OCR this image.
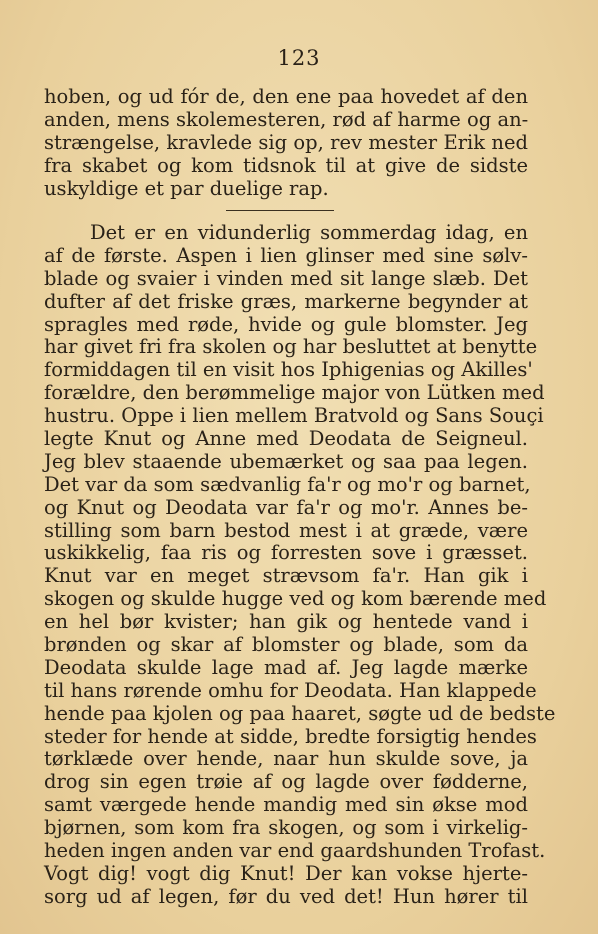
123
hoben, og ud fór de, den ene paa hovedet af den
anden, mens skolemesteren, rød af harme og an-
strængelse, kravlede sig op, rev mester Erik ned
fra skabet og kom tidsnok til at give de sidste
uskyldige et par duelige rap.
Det er en vidunderlig sommerdag idag, en
af de første. Aspen i lien glinser med sine sølv-
blade og svaier i vinden med sit lange slæb. Det
dufter af det friske græs, markerne begynder at
spragles med røde, hvide og gule blomster. Jeg
har givet fri fra skolen og har besluttet at benytte
formiddagen til en visit hos Iphigenias og Akilles'
forældre, den berømmelige major von Lütken med
hustru. Oppe i lien mellem Bratvold og Sans Souçi
legte Knut og Anne med Deodata de Seigneul.
Jeg blev staaende ubemærket og saa paa legen.
Det var da som sædvanlig fa'r og mo'r og barnet,
og Knut og Deodata var fa'r og mo'r. Annes be-
stilling som barn bestod mest i at græde, være
uskikkelig, faa ris og forresten sove i græsset.
Knut var en meget strævsom fa'r. Han gik i
skogen og skulde hugge ved og kom bærende med
en hel bør kvister; han gik og hentede vand i
brønden og skar af blomster og blade, som da
Deodata skulde lage mad af. Jeg lagde mærke
til hans rørende omhu for Deodata. Han klappede
hende paa kjolen og paa haaret, søgte ud de bedste
steder for hende at sidde, bredte forsigtig hendes
tørklæde over hende, naar hun skulde sove, ja
drog sin egen trøie af og lagde over fødderne,
samt værgede hende mandig med sin økse mod
bjørnen, som kom fra skogen, og som i virkelig-
heden ingen anden var end gaardshunden Trofast.
Vogt dig! vogt dig Knut! Der kan vokse hjerte-
sorg ud af legen, før du ved det! Hun hører til
